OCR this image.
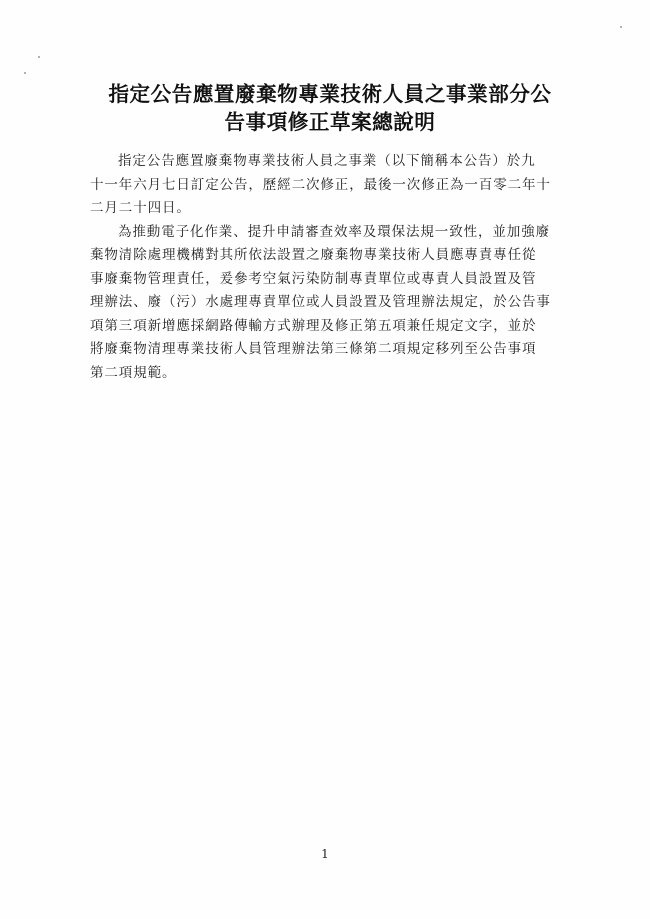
指定公告應置廢棄物專業技術人員之事業部分公
告事項修正草案總說明

指定公告應置廢棄物專業技術人員之事業（以下簡稱本公告）於九
十一年六月七日訂定公告，歷經二次修正，最後一次修正為一百零二年十
二月二十四日。

為推動電子化作業、提升申請審查效率及環保法規一致性，並加強廢
棄物清除處理機構對其所依法設置之廢棄物專業技術人員應專責專任從
事廢棄物管理責任，爰參考空氣污染防制專責單位或專責人員設置及管
理辦法、廢（污）水處理專責單位或人員設置及管理辦法規定，於公告事
項第三項新增應採網路傳輸方式辦理及修正第五項兼任規定文字，並於
將廢棄物清理專業技術人員管理辦法第三條第二項規定移列至公告事項
第二項規範。

1
